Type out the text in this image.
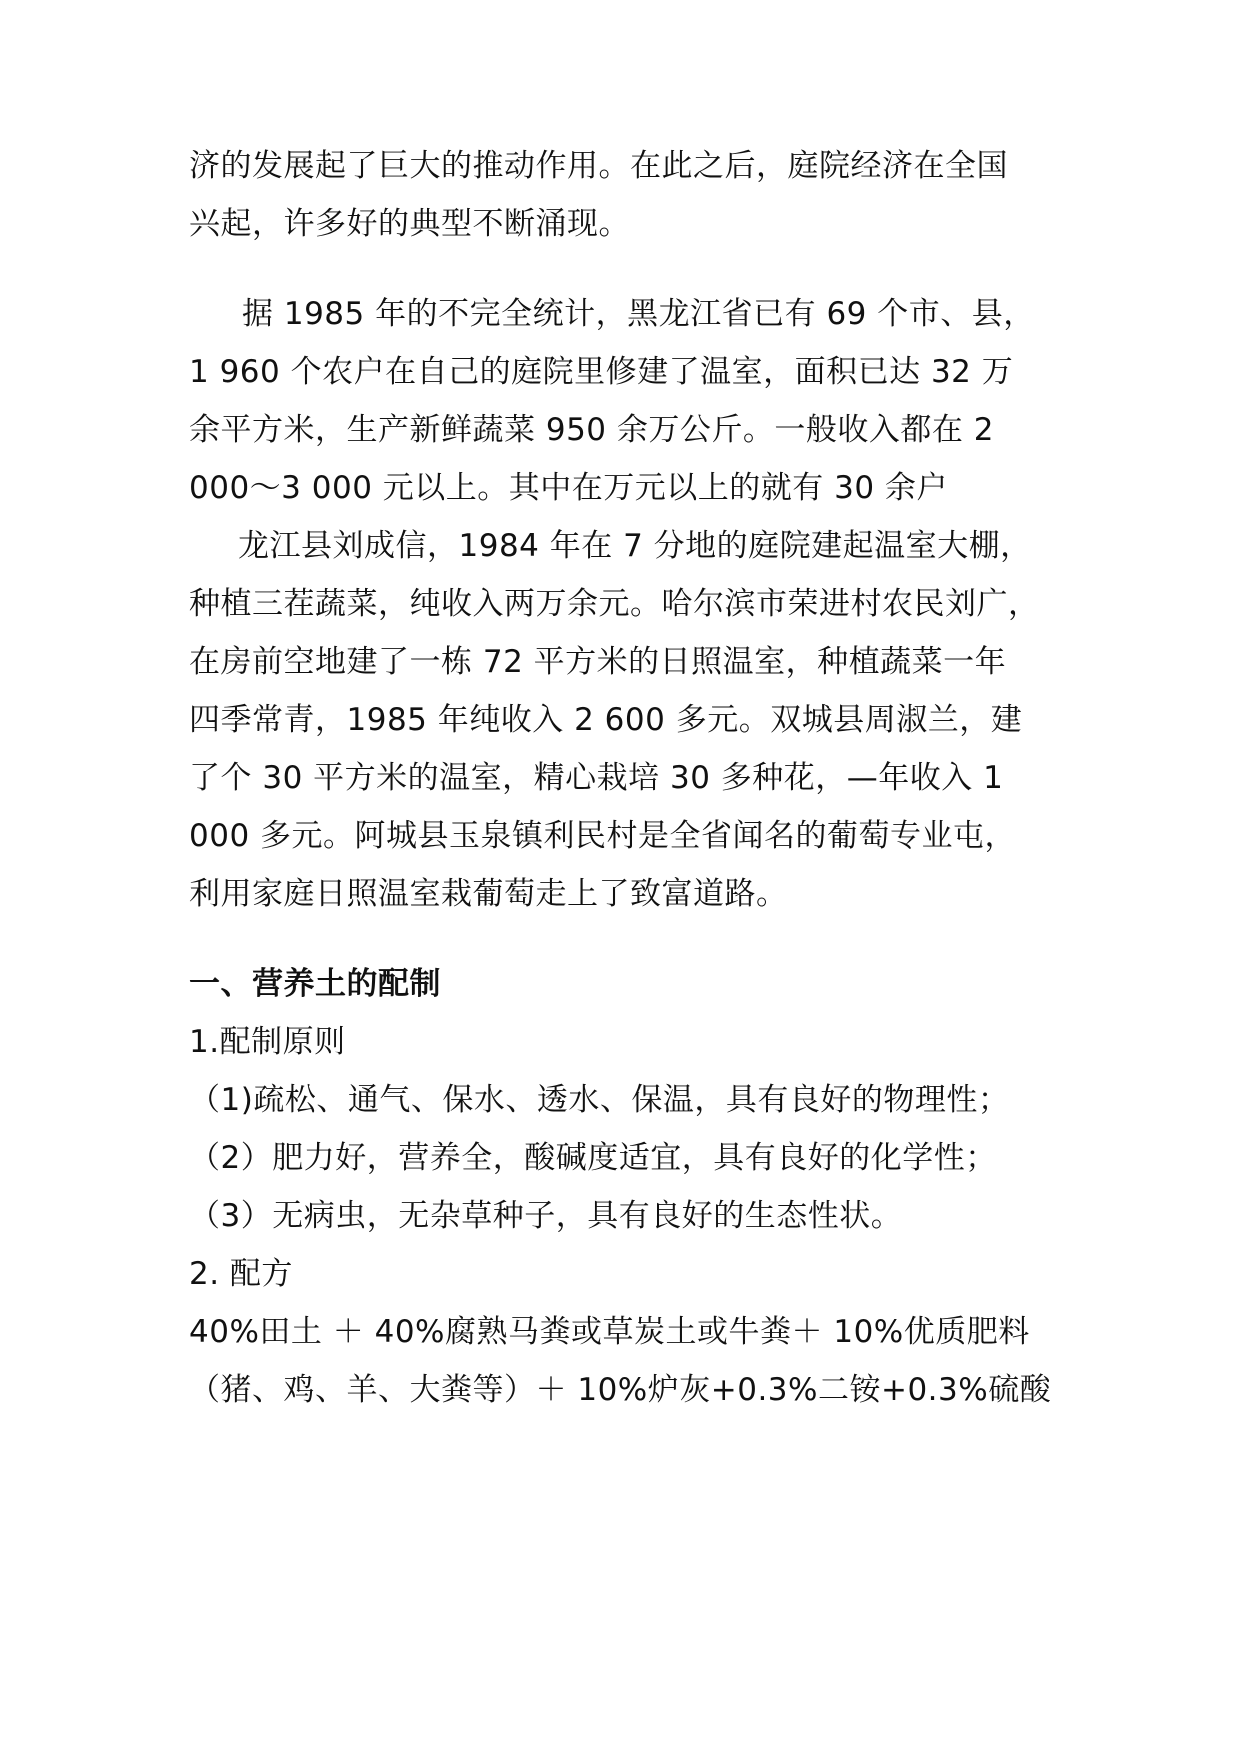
济的发展起了巨大的推动作用。在此之后，庭院经济在全国
兴起，许多好的典型不断涌现。
据 1985 年的不完全统计，黑龙江省已有 69 个市、县，
1 960 个农户在自己的庭院里修建了温室，面积已达 32 万
余平方米，生产新鲜蔬菜 950 余万公斤。一般收入都在 2
000～3 000 元以上。其中在万元以上的就有 30 余户
龙江县刘成信，1984 年在 7 分地的庭院建起温室大棚，
种植三茬蔬菜，纯收入两万余元。哈尔滨市荣进村农民刘广，
在房前空地建了一栋 72 平方米的日照温室，种植蔬菜一年
四季常青，1985 年纯收入 2 600 多元。双城县周淑兰，建
了个 30 平方米的温室，精心栽培 30 多种花，—年收入 1
000 多元。阿城县玉泉镇利民村是全省闻名的葡萄专业屯，
利用家庭日照温室栽葡萄走上了致富道路。
一、营养土的配制
1.配制原则
（1)疏松、通气、保水、透水、保温，具有良好的物理性；
（2）肥力好，营养全，酸碱度适宜，具有良好的化学性；
（3）无病虫，无杂草种子，具有良好的生态性状。
2. 配方
40%田土 ＋ 40%腐熟马粪或草炭土或牛粪＋ 10%优质肥料
（猪、鸡、羊、大粪等）＋ 10%炉灰+0.3%二铵+0.3%硫酸
